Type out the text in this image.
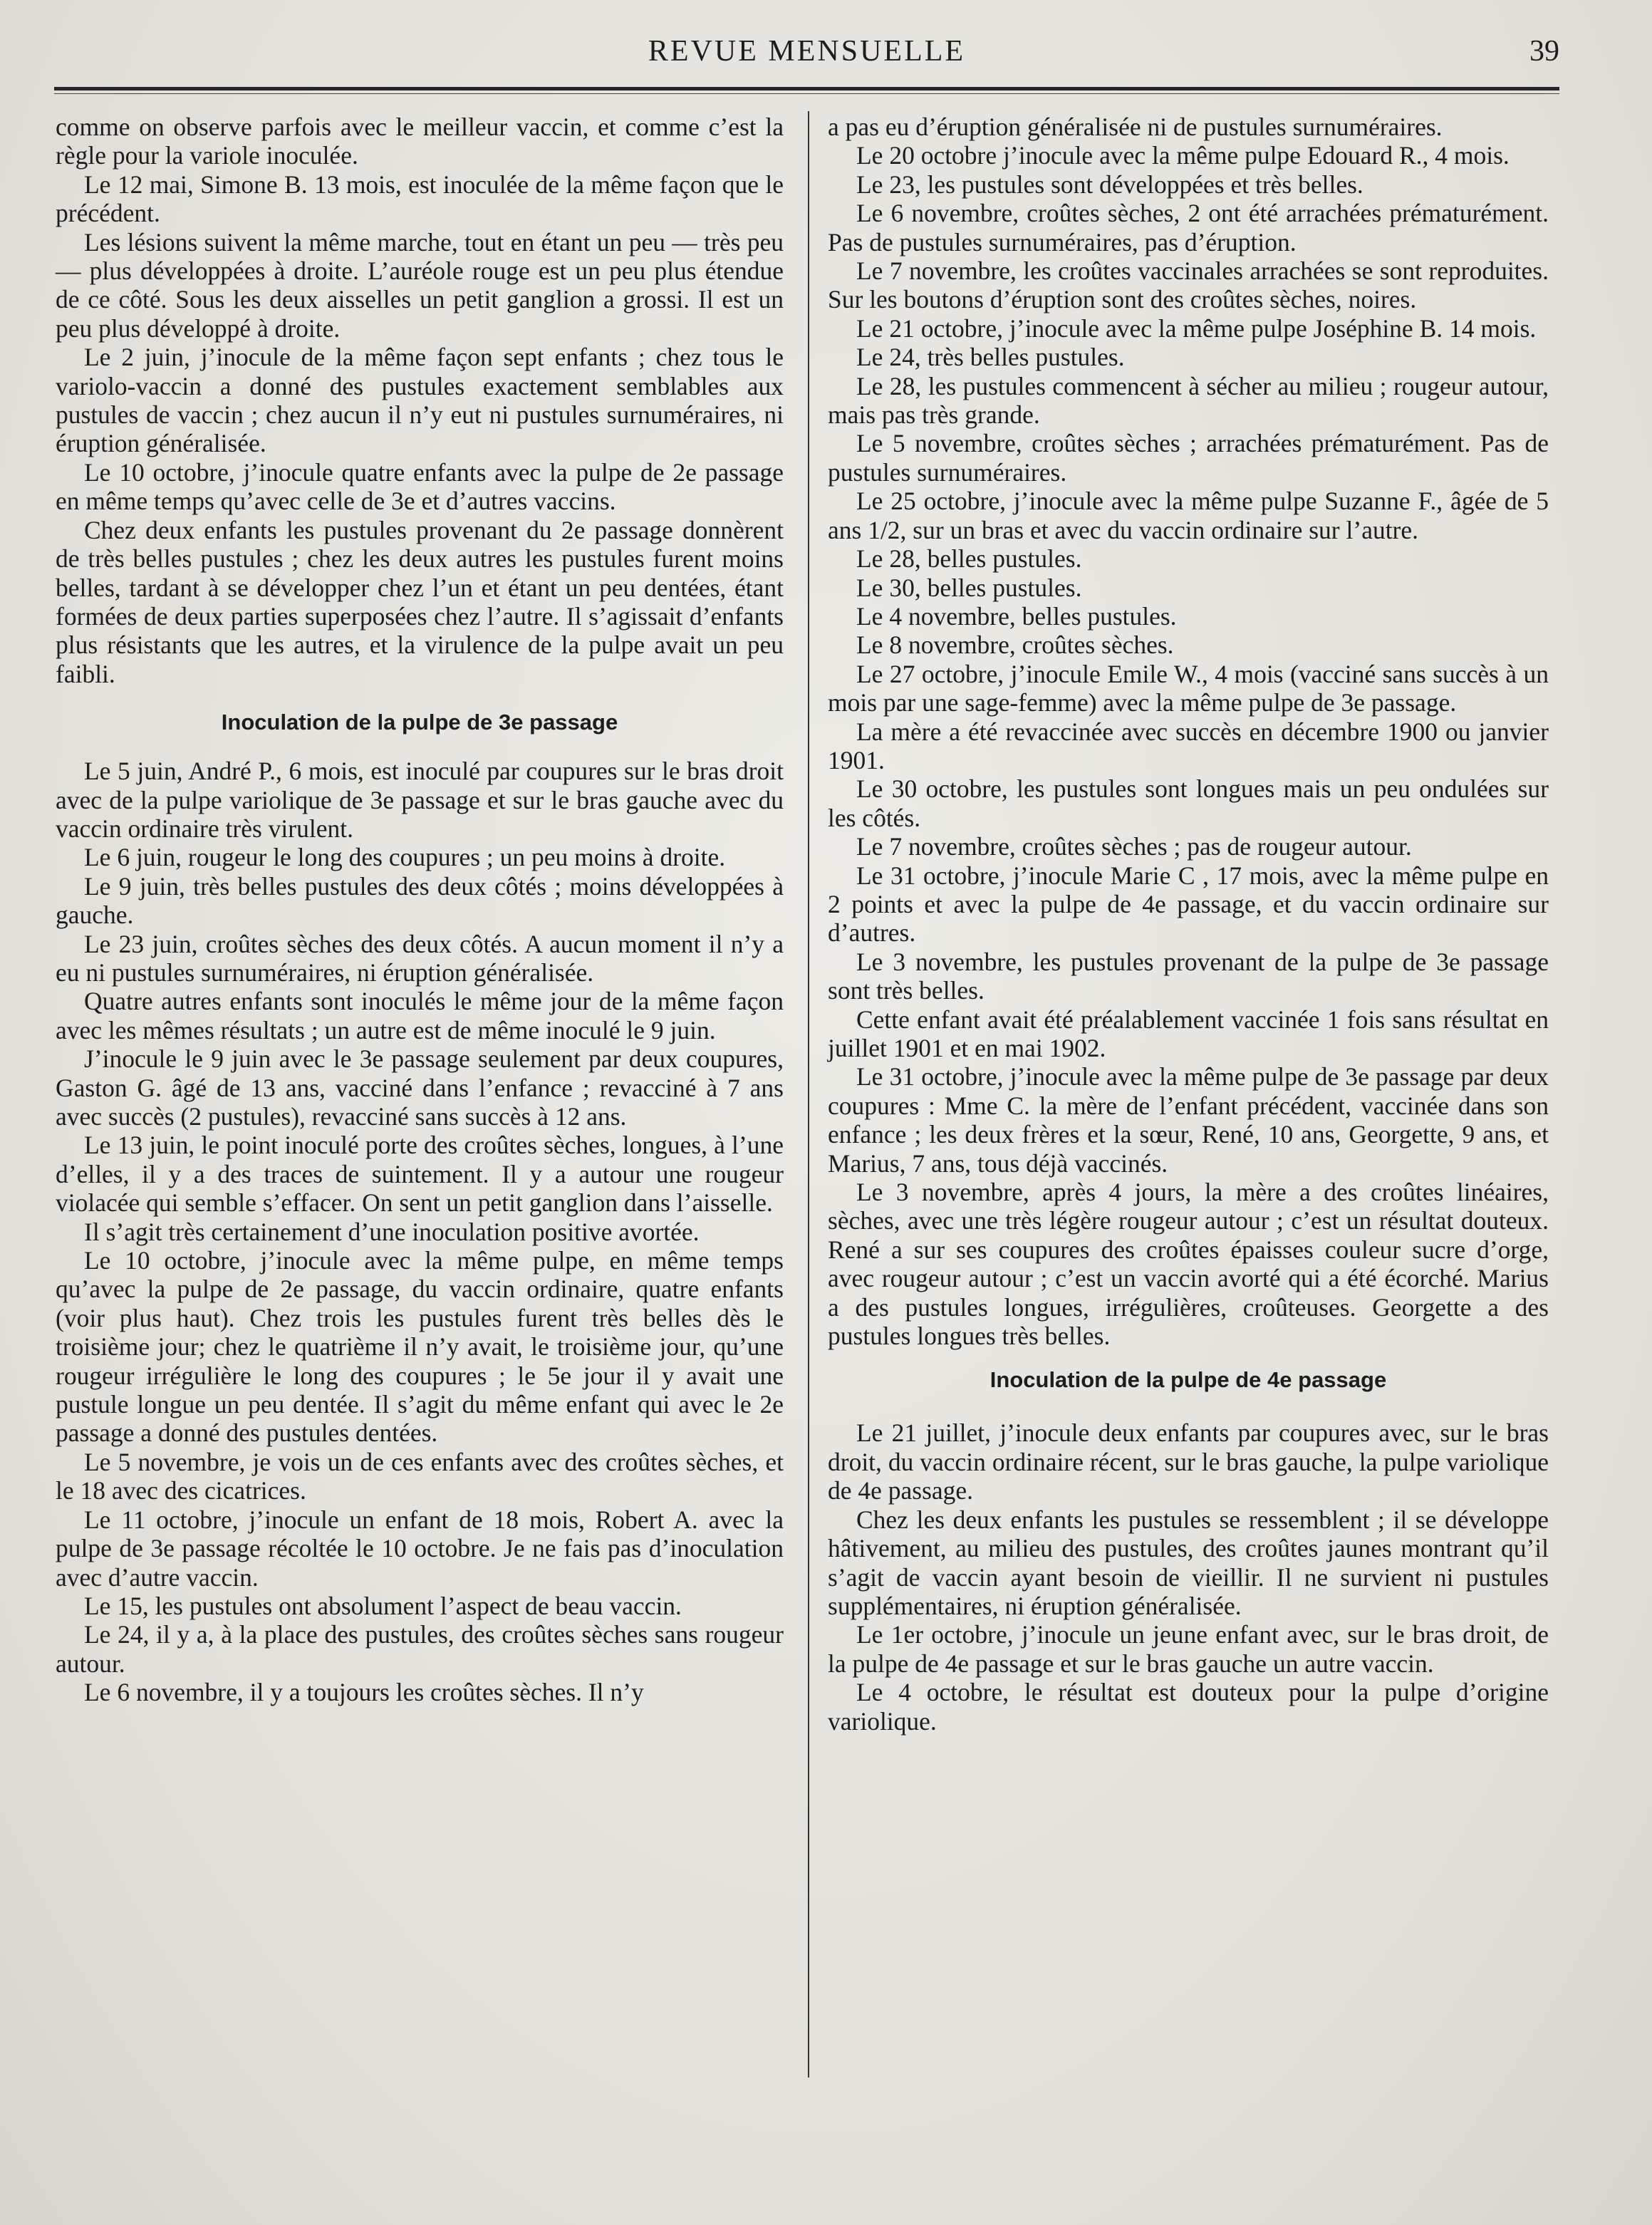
REVUE MENSUELLE	39

comme on observe parfois avec le meilleur vaccin, et comme c’est la règle pour la variole inoculée.

Le 12 mai, Simone B. 13 mois, est inoculée de la même façon que le précédent.

Les lésions suivent la même marche, tout en étant un peu — très peu — plus développées à droite. L’auréole rouge est un peu plus étendue de ce côté. Sous les deux aisselles un petit ganglion a grossi. Il est un peu plus développé à droite.

Le 2 juin, j’inocule de la même façon sept enfants ; chez tous le variolo-vaccin a donné des pustules exactement semblables aux pustules de vaccin ; chez aucun il n’y eut ni pustules surnuméraires, ni éruption généralisée.

Le 10 octobre, j’inocule quatre enfants avec la pulpe de 2e passage en même temps qu’avec celle de 3e et d’autres vaccins.

Chez deux enfants les pustules provenant du 2e passage donnèrent de très belles pustules ; chez les deux autres les pustules furent moins belles, tardant à se développer chez l’un et étant un peu dentées, étant formées de deux parties superposées chez l’autre. Il s’agissait d’enfants plus résistants que les autres, et la virulence de la pulpe avait un peu faibli.

Inoculation de la pulpe de 3e passage

Le 5 juin, André P., 6 mois, est inoculé par coupures sur le bras droit avec de la pulpe variolique de 3e passage et sur le bras gauche avec du vaccin ordinaire très virulent.

Le 6 juin, rougeur le long des coupures ; un peu moins à droite.

Le 9 juin, très belles pustules des deux côtés ; moins développées à gauche.

Le 23 juin, croûtes sèches des deux côtés. A aucun moment il n’y a eu ni pustules surnuméraires, ni éruption généralisée.

Quatre autres enfants sont inoculés le même jour de la même façon avec les mêmes résultats ; un autre est de même inoculé le 9 juin.

J’inocule le 9 juin avec le 3e passage seulement par deux coupures, Gaston G. âgé de 13 ans, vacciné dans l’enfance ; revacciné à 7 ans avec succès (2 pustules), revacciné sans succès à 12 ans.

Le 13 juin, le point inoculé porte des croûtes sèches, longues, à l’une d’elles, il y a des traces de suintement. Il y a autour une rougeur violacée qui semble s’effacer. On sent un petit ganglion dans l’aisselle.

Il s’agit très certainement d’une inoculation positive avortée.

Le 10 octobre, j’inocule avec la même pulpe, en même temps qu’avec la pulpe de 2e passage, du vaccin ordinaire, quatre enfants (voir plus haut). Chez trois les pustules furent très belles dès le troisième jour; chez le quatrième il n’y avait, le troisième jour, qu’une rougeur irrégulière le long des coupures ; le 5e jour il y avait une pustule longue un peu dentée. Il s’agit du même enfant qui avec le 2e passage a donné des pustules dentées.

Le 5 novembre, je vois un de ces enfants avec des croûtes sèches, et le 18 avec des cicatrices.

Le 11 octobre, j’inocule un enfant de 18 mois, Robert A. avec la pulpe de 3e passage récoltée le 10 octobre. Je ne fais pas d’inoculation avec d’autre vaccin.

Le 15, les pustules ont absolument l’aspect de beau vaccin.

Le 24, il y a, à la place des pustules, des croûtes sèches sans rougeur autour.

Le 6 novembre, il y a toujours les croûtes sèches. Il n’y

a pas eu d’éruption généralisée ni de pustules surnuméraires.

Le 20 octobre j’inocule avec la même pulpe Edouard R., 4 mois.

Le 23, les pustules sont développées et très belles.

Le 6 novembre, croûtes sèches, 2 ont été arrachées prématurément. Pas de pustules surnuméraires, pas d’éruption.

Le 7 novembre, les croûtes vaccinales arrachées se sont reproduites. Sur les boutons d’éruption sont des croûtes sèches, noires.

Le 21 octobre, j’inocule avec la même pulpe Joséphine B. 14 mois.

Le 24, très belles pustules.

Le 28, les pustules commencent à sécher au milieu ; rougeur autour, mais pas très grande.

Le 5 novembre, croûtes sèches ; arrachées prématurément. Pas de pustules surnuméraires.

Le 25 octobre, j’inocule avec la même pulpe Suzanne F., âgée de 5 ans 1/2, sur un bras et avec du vaccin ordinaire sur l’autre.

Le 28, belles pustules.

Le 30, belles pustules.

Le 4 novembre, belles pustules.

Le 8 novembre, croûtes sèches.

Le 27 octobre, j’inocule Emile W., 4 mois (vacciné sans succès à un mois par une sage-femme) avec la même pulpe de 3e passage.

La mère a été revaccinée avec succès en décembre 1900 ou janvier 1901.

Le 30 octobre, les pustules sont longues mais un peu ondulées sur les côtés.

Le 7 novembre, croûtes sèches ; pas de rougeur autour.

Le 31 octobre, j’inocule Marie C , 17 mois, avec la même pulpe en 2 points et avec la pulpe de 4e passage, et du vaccin ordinaire sur d’autres.

Le 3 novembre, les pustules provenant de la pulpe de 3e passage sont très belles.

Cette enfant avait été préalablement vaccinée 1 fois sans résultat en juillet 1901 et en mai 1902.

Le 31 octobre, j’inocule avec la même pulpe de 3e passage par deux coupures : Mme C. la mère de l’enfant précédent, vaccinée dans son enfance ; les deux frères et la sœur, René, 10 ans, Georgette, 9 ans, et Marius, 7 ans, tous déjà vaccinés.

Le 3 novembre, après 4 jours, la mère a des croûtes linéaires, sèches, avec une très légère rougeur autour ; c’est un résultat douteux. René a sur ses coupures des croûtes épaisses couleur sucre d’orge, avec rougeur autour ; c’est un vaccin avorté qui a été écorché. Marius a des pustules longues, irrégulières, croûteuses. Georgette a des pustules longues très belles.

Inoculation de la pulpe de 4e passage

Le 21 juillet, j’inocule deux enfants par coupures avec, sur le bras droit, du vaccin ordinaire récent, sur le bras gauche, la pulpe variolique de 4e passage.

Chez les deux enfants les pustules se ressemblent ; il se développe hâtivement, au milieu des pustules, des croûtes jaunes montrant qu’il s’agit de vaccin ayant besoin de vieillir. Il ne survient ni pustules supplémentaires, ni éruption généralisée.

Le 1er octobre, j’inocule un jeune enfant avec, sur le bras droit, de la pulpe de 4e passage et sur le bras gauche un autre vaccin.

Le 4 octobre, le résultat est douteux pour la pulpe d’origine variolique.
